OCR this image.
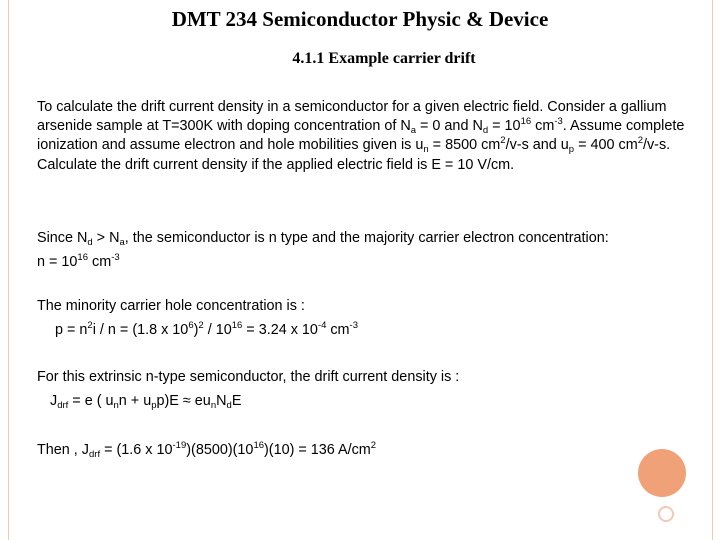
DMT 234 Semiconductor Physic & Device
4.1.1 Example carrier drift
To calculate the drift current density in a semiconductor for a given electric field. Consider a gallium arsenide sample at T=300K with doping concentration of $N_a = 0$ and $N_d = 10^{16}$ $cm^{-3}$. Assume complete ionization and assume electron and hole mobilities given is $u_n = 8500$ $cm^2/v-s$ and $u_p = 400$ $cm^2/v-s$. Calculate the drift current density if the applied electric field is E = 10 V/cm.
Since $N_d > N_a$, the semiconductor is n type and the majority carrier electron concentration:
$n = 10^{16}$ $cm^{-3}$
The minority carrier hole concentration is :
$p = n^2i / n = (1.8$ x $10^6)^2 / 10^{16} = 3.24$ x $10^{-4}$ $cm^{-3}$
For this extrinsic n-type semiconductor, the drift current density is :
$J_{drf} = e$ ( $u_nn + u_pp)E \approx eu_nN_dE$
Then , $J_{drf} = (1.6$ x $10^{-19})(8500)(10^{16})(10) = 136$ $A/cm^2$
